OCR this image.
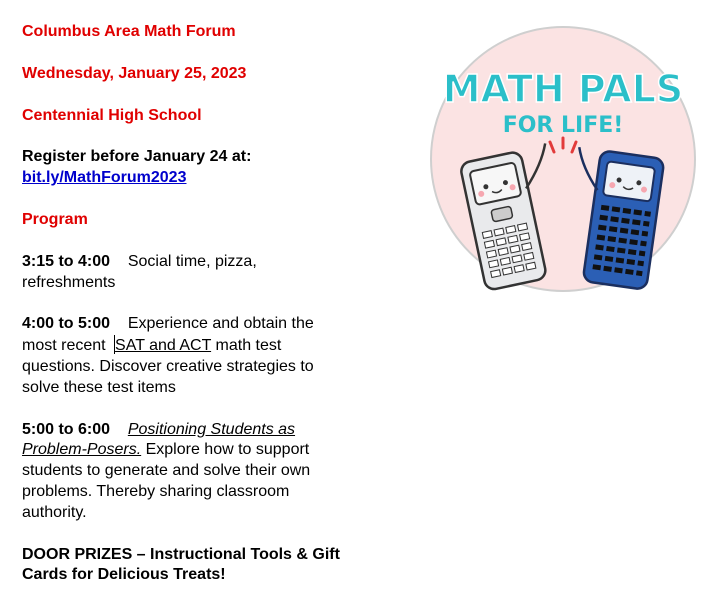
Columbus Area Math Forum
Wednesday, January 25, 2023
Centennial High School
Register before January 24 at:
bit.ly/MathForum2023
Program
3:15 to 4:00 Social time, pizza, refreshments
4:00 to 5:00 Experience and obtain the most recent SAT and ACT math test questions. Discover creative strategies to solve these test items
5:00 to 6:00 Positioning Students as Problem-Posers. Explore how to support students to generate and solve their own problems. Thereby sharing classroom authority.
DOOR PRIZES – Instructional Tools & Gift Cards for Delicious Treats!
MATH PALS
FOR LIFE!
